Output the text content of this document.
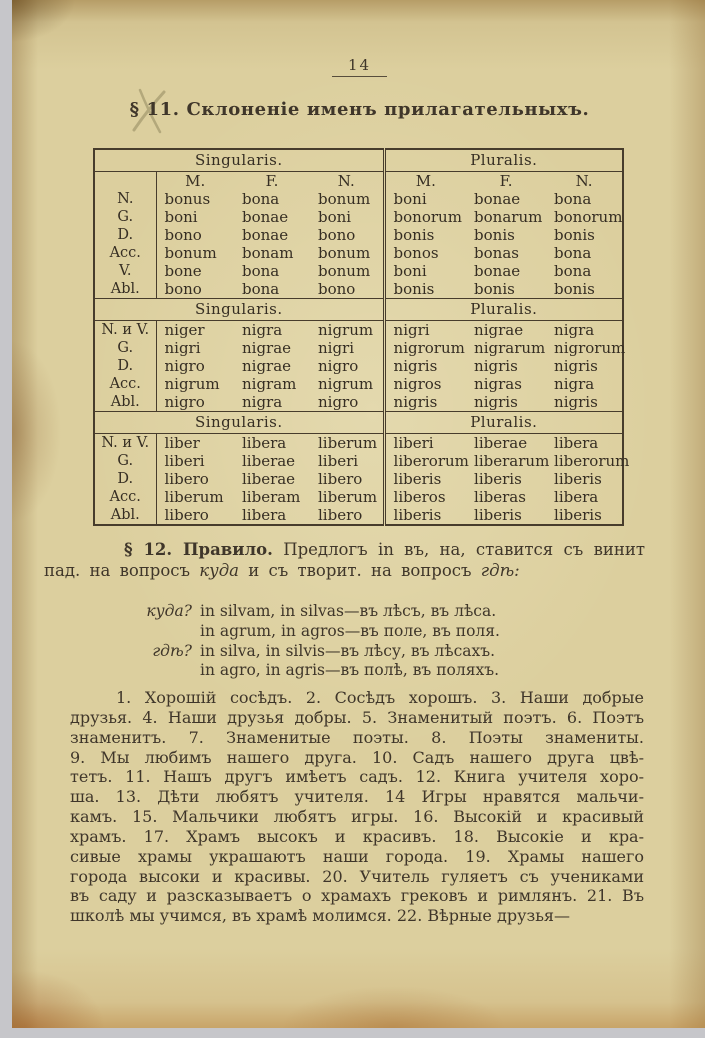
14
§ 11. Склоненіе именъ прилагательныхъ.
Singularis.				Pluralis.		
	M.	F.	N.	M.	F.	N.
N.	bonus	bona	bonum	boni	bonae	bona
G.	boni	bonae	boni	bonorum	bonarum	bonorum
D.	bono	bonae	bono	bonis	bonis	bonis
Acc.	bonum	bonam	bonum	bonos	bonas	bona
V.	bone	bona	bonum	boni	bonae	bona
Abl.	bono	bona	bono	bonis	bonis	bonis
Singularis.				Pluralis.		
N. и V.	niger	nigra	nigrum	nigri	nigrae	nigra
G.	nigri	nigrae	nigri	nigrorum	nigrarum	nigrorum
D.	nigro	nigrae	nigro	nigris	nigris	nigris
Acc.	nigrum	nigram	nigrum	nigros	nigras	nigra
Abl.	nigro	nigra	nigro	nigris	nigris	nigris
Singularis.				Pluralis.		
N. и V.	liber	libera	liberum	liberi	liberae	libera
G.	liberi	liberae	liberi	liberorum	liberarum	liberorum
D.	libero	liberae	libero	liberis	liberis	liberis
Acc.	liberum	liberam	liberum	liberos	liberas	libera
Abl.	libero	libera	libero	liberis	liberis	liberis
§ 12. Правило. Предлогъ in въ, на, ставится съ винит
пад. на вопросъ куда и съ творит. на вопросъ гдѣ:
куда? in silvam, in silvas—въ лѣсъ, въ лѣса.
in agrum, in agros—въ поле, въ поля.
гдѣ? in silva, in silvis—въ лѣсу, въ лѣсахъ.
in agro, in agris—въ полѣ, въ поляхъ.
1. Хорошій сосѣдъ. 2. Сосѣдъ хорошъ. 3. Наши добрые
друзья. 4. Наши друзья добры. 5. Знаменитый поэтъ. 6. Поэтъ
знаменитъ. 7. Знаменитые поэты. 8. Поэты знамениты.
9. Мы любимъ нашего друга. 10. Садъ нашего друга цвѣ-
тетъ. 11. Нашъ другъ имѣетъ садъ. 12. Книга учителя хоро-
ша. 13. Дѣти любятъ учителя. 14 Игры нравятся мальчи-
камъ. 15. Мальчики любятъ игры. 16. Высокій и красивый
храмъ. 17. Храмъ высокъ и красивъ. 18. Высокіе и кра-
сивые храмы украшаютъ наши города. 19. Храмы нашего
города высоки и красивы. 20. Учитель гуляетъ съ учениками
въ саду и разсказываетъ о храмахъ грековъ и римлянъ. 21. Въ
школѣ мы учимся, въ храмѣ молимся. 22. Вѣрные друзья—
